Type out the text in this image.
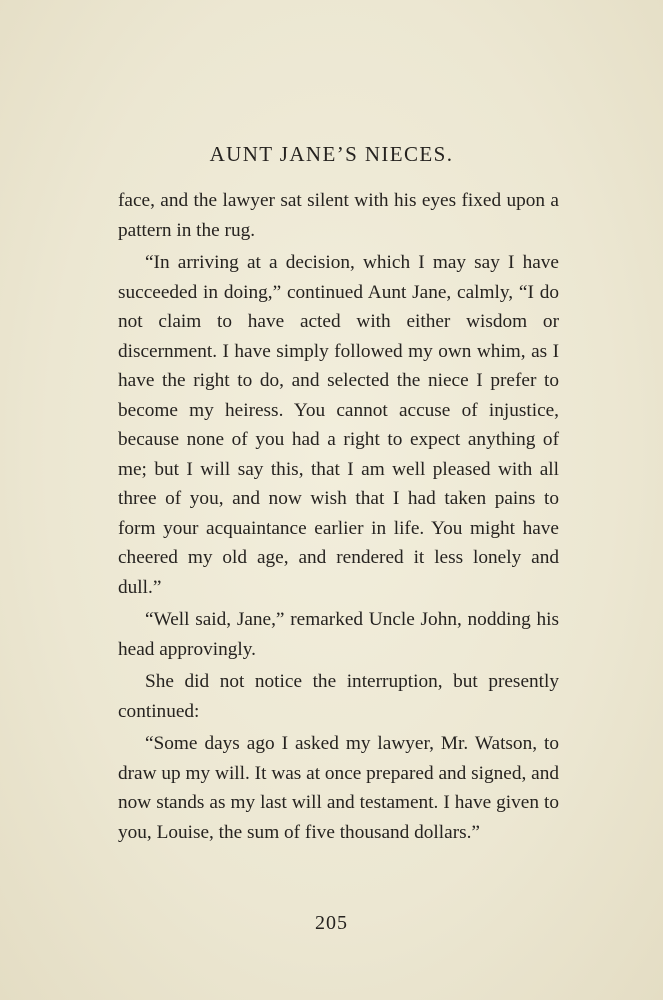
AUNT JANE’S NIECES.

face, and the lawyer sat silent with his eyes fixed upon a pattern in the rug.

“In arriving at a decision, which I may say I have succeeded in doing,” continued Aunt Jane, calmly, “I do not claim to have acted with either wisdom or discernment. I have simply followed my own whim, as I have the right to do, and selected the niece I prefer to become my heiress. You cannot accuse of injustice, because none of you had a right to expect anything of me; but I will say this, that I am well pleased with all three of you, and now wish that I had taken pains to form your acquaintance earlier in life. You might have cheered my old age, and rendered it less lonely and dull.”

“Well said, Jane,” remarked Uncle John, nodding his head approvingly.

She did not notice the interruption, but presently continued:

“Some days ago I asked my lawyer, Mr. Watson, to draw up my will. It was at once prepared and signed, and now stands as my last will and testament. I have given to you, Louise, the sum of five thousand dollars.”

205
